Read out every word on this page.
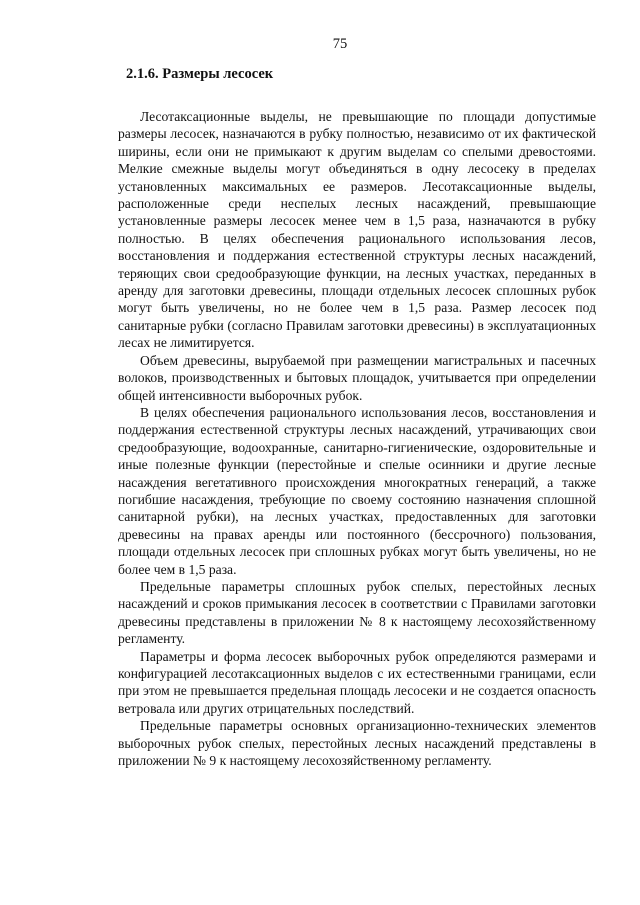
75
2.1.6. Размеры лесосек

Лесотаксационные выделы, не превышающие по площади допустимые размеры лесосек, назначаются в рубку полностью, независимо от их фактической ширины, если они не примыкают к другим выделам со спелыми древостоями. Мелкие смежные выделы могут объединяться в одну лесосеку в пределах установленных максимальных ее размеров. Лесотаксационные выделы, расположенные среди неспелых лесных насаждений, превышающие установленные размеры лесосек менее чем в 1,5 раза, назначаются в рубку полностью. В целях обеспечения рационального использования лесов, восстановления и поддержания естественной структуры лесных насаждений, теряющих свои средообразующие функции, на лесных участках, переданных в аренду для заготовки древесины, площади отдельных лесосек сплошных рубок могут быть увеличены, но не более чем в 1,5 раза. Размер лесосек под санитарные рубки (согласно Правилам заготовки древесины) в эксплуатационных лесах не лимитируется.

Объем древесины, вырубаемой при размещении магистральных и пасечных волоков, производственных и бытовых площадок, учитывается при определении общей интенсивности выборочных рубок.

В целях обеспечения рационального использования лесов, восстановления и поддержания естественной структуры лесных насаждений, утрачивающих свои средообразующие, водоохранные, санитарно-гигиенические, оздоровительные и иные полезные функции (перестойные и спелые осинники и другие лесные насаждения вегетативного происхождения многократных генераций, а также погибшие насаждения, требующие по своему состоянию назначения сплошной санитарной рубки), на лесных участках, предоставленных для заготовки древесины на правах аренды или постоянного (бессрочного) пользования, площади отдельных лесосек при сплошных рубках могут быть увеличены, но не более чем в 1,5 раза.

Предельные параметры сплошных рубок спелых, перестойных лесных насаждений и сроков примыкания лесосек в соответствии с Правилами заготовки древесины представлены в приложении № 8 к настоящему лесохозяйственному регламенту.

Параметры и форма лесосек выборочных рубок определяются размерами и конфигурацией лесотаксационных выделов с их естественными границами, если при этом не превышается предельная площадь лесосеки и не создается опасность ветровала или других отрицательных последствий.

Предельные параметры основных организационно-технических элементов выборочных рубок спелых, перестойных лесных насаждений представлены в приложении № 9 к настоящему лесохозяйственному регламенту.
